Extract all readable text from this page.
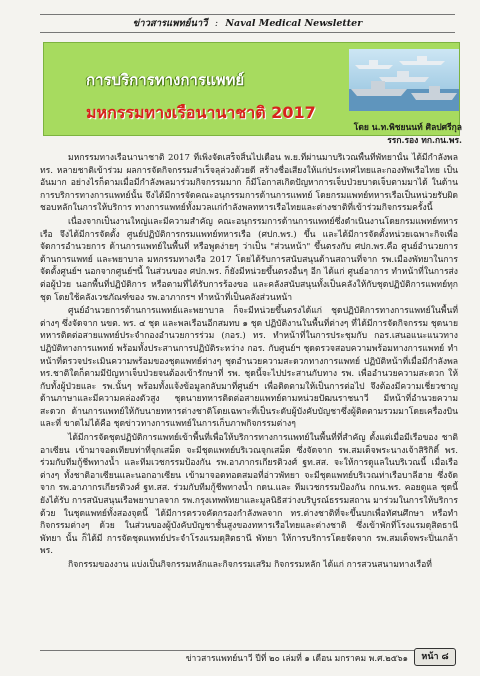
ข่าวสารแพทย์นาวี : Naval Medical Newsletter
การบริการทางการแพทย์
มหกรรมทางเรือนานาชาติ 2017
โดย น.ท.พิชยนนท์ ศิลปศรีกุล
รรก.รอง ทก.กน.พร.

มหกรรมทางเรือนานาชาติ 2017 ที่เพิ่งจัดเสร็จสิ้นไปเดือน พ.ย.ที่ผ่านมาบริเวณพื้นที่พัทยานั้น ได้มีกำลังพล ทร. หลายชาติเข้าร่วม ผลการจัดกิจกรรมสำเร็จลุล่วงด้วยดี สร้างชื่อเสียงให้แก่ประเทศไทยและกองทัพเรือไทย เป็นอันมาก อย่างไรก็ตามเมื่อมีกำลังพลมาร่วมกิจกรรมมาก ก็มีโอกาสเกิดปัญหาการเจ็บป่วยบาดเจ็บตามมาได้ ในด้านการบริการทางการแพทย์นั้น จึงได้มีการจัดคณะอนุกรรมการด้านการแพทย์ โดยกรมแพทย์ทหารเรือเป็นหน่วยรับผิดชอบหลักในการให้บริการ ทางการแพทย์ทั้งมวลแก่กำลังพลทหารเรือไทยและต่างชาติที่เข้าร่วมกิจกรรมครั้งนี้

เนื่องจากเป็นงานใหญ่และมีความสำคัญ คณะอนุกรรมการด้านการแพทย์ซึ่งดำเนินงานโดยกรมแพทย์ทหารเรือ จึงได้มีการจัดตั้ง ศูนย์ปฏิบัติการกรมแพทย์ทหารเรือ (ศปก.พร.) ขึ้น และได้มีการจัดตั้งหน่วยเฉพาะกิจเพื่อจัดการอำนวยการ ด้านการแพทย์ในพื้นที่ หรือพูดง่ายๆ ว่าเป็น "ส่วนหน้า" ขึ้นตรงกับ ศปก.พร.คือ ศูนย์อำนวยการด้านการแพทย์ และพยาบาล มหกรรมทางเรือ 2017 โดยได้รับการสนับสนุนด้านสถานที่จาก รพ.เมืองพัทยาในการจัดตั้งศูนย์ฯ นอกจากศูนย์ฯนี้ ในส่วนของ ศปก.พร. ก็ยังมีหน่วยขึ้นตรงอื่นๆ อีก ได้แก่ ศูนย์อาการ ทำหน้าที่ในการส่งต่อผู้ป่วย นอกพื้นที่ปฏิบัติการ หรือตามที่ได้รับการร้องขอ และคลังสนับสนุนทั้งเป็นคลังให้กับชุดปฏิบัติการแพทย์ทุกชุด โดยใช้คลังเวชภัณฑ์ของ รพ.อาภากรฯ ทำหน้าที่เป็นคลังส่วนหน้า

ศูนย์อำนวยการด้านการแพทย์และพยาบาล ก็จะมีหน่วยขึ้นตรงได้แก่ ชุดปฏิบัติการทางการแพทย์ในพื้นที่ ต่างๆ ซึ่งจัดจาก นขต. พร. ๔ ชุด และพลเรือนอีกสมทบ ๑ ชุด ปฏิบัติงานในพื้นที่ต่างๆ ที่ได้มีการจัดกิจกรรม ชุดนายทหารติดต่อสายแพทย์ประจำกองอำนวยการร่วม (กอร.) ทร. ทำหน้าที่ในการประชุมกับ กอร.เสนอแนะแนวทาง ปฏิบัติทางการแพทย์ พร้อมทั้งประสานการปฏิบัติระหว่าง กอร. กับศูนย์ฯ ชุดตรวจสอบความพร้อมทางการแพทย์ ทำหน้าที่ตรวจประเมินความพร้อมของชุดแพทย์ต่างๆ ชุดอำนวยความสะดวกทางการแพทย์ ปฏิบัติหน้าที่เมื่อมีกำลังพล ทร.ชาติใดก็ตามมีปัญหาเจ็บป่วยจนต้องเข้ารักษาที่ รพ. ชุดนี้จะไปประสานกับทาง รพ. เพื่ออำนวยความสะดวก ให้กับทั้งผู้ป่วยและ รพ.นั้นๆ พร้อมทั้งแจ้งข้อมูลกลับมาที่ศูนย์ฯ เพื่อติดตามให้เป็นการต่อไป จึงต้องมีความเชี่ยวชาญ ด้านภาษาและมีความคล่องตัวสูง ชุดนายทหารติดต่อสายแพทย์ตามหน่วยปัฒนราชนาวี มีหน้าที่อำนวยความสะดวก ด้านการแพทย์ให้กับนายทหารต่างชาติโดยเฉพาะที่เป็นระดับผู้บังคับบัญชาซึ่งผู้ติดตามรวมมาโดยเครื่องบิน และที่ ขาดไม่ได้คือ ชุดข่าวทางการแพทย์ในการเก็บภาพกิจกรรมต่างๆ

ได้มีการจัดชุดปฏิบัติการแพทย์เข้าพื้นที่เพื่อให้บริการทางการแพทย์ในพื้นที่ที่สำคัญ ตั้งแต่เมื่อมีเรือของ ชาติอาเซียน เข้ามาจอดเทียบท่าที่จุกเสม็ด จะมีชุดแพทย์บริเวณจุกเสม็ด ซึ่งจัดจาก รพ.สมเด็จพระนางเจ้าสิริกิติ์ พร. ร่วมกับทีมกู้ชีพทางน้ำ และทีมเวชกรรมป้องกัน รพ.อาภากรเกียรติวงศ์ ฐท.สส. จะให้การดูแลในบริเวณนี้ เมื่อเรือต่างๆ ทั้งชาติอาเซียนและนอกอาเซียน เข้ามาจอดทอดสมอที่อ่าวพัทยา จะมีชุดแพทย์บริเวณท่าเรือบาลีฮาย ซึ่งจัดจาก รพ.อาภากรเกียรติวงศ์ ฐท.สส. ร่วมกับทีมกู้ชีพทางน้ำ กดน.และ ทีมเวชกรรมป้องกัน กกน.พร. คอยดูแล ชุดนี้ยังได้รับ การสนับสนุนเรือพยาบาลจาก รพ.กรุงเทพพัทยาและมูลนิธิสว่างบริบูรณ์ธรรมสถาน มาร่วมในการให้บริการด้วย ในชุดแพทย์ทั้งสองจุดนี้ ได้มีการตรวจคัดกรองกำลังพลจาก ทร.ต่างชาติที่จะขึ้นบกเพื่อทัศนศึกษา หรือทำกิจกรรมต่างๆ ด้วย ในส่วนของผู้บังคับบัญชาชั้นสูงของทหารเรือไทยและต่างชาติ ซึ่งเข้าพักที่โรงแรมดุสิตธานี พัทยา นั้น ก็ได้มี การจัดชุดแพทย์ประจำโรงแรมดุสิตธานี พัทยา ให้การบริการโดยจัดจาก รพ.สมเด็จพระปิ่นเกล้า พร.

กิจกรรมของงาน แบ่งเป็นกิจกรรมหลักและกิจกรรมเสริม กิจกรรมหลัก ได้แก่ การสวนสนามทางเรือที่

ข่าวสารแพทย์นาวี ปีที่ ๒๐ เล่มที่ ๑ เดือน มกราคม พ.ศ.๒๕๖๑	หน้า ๘
